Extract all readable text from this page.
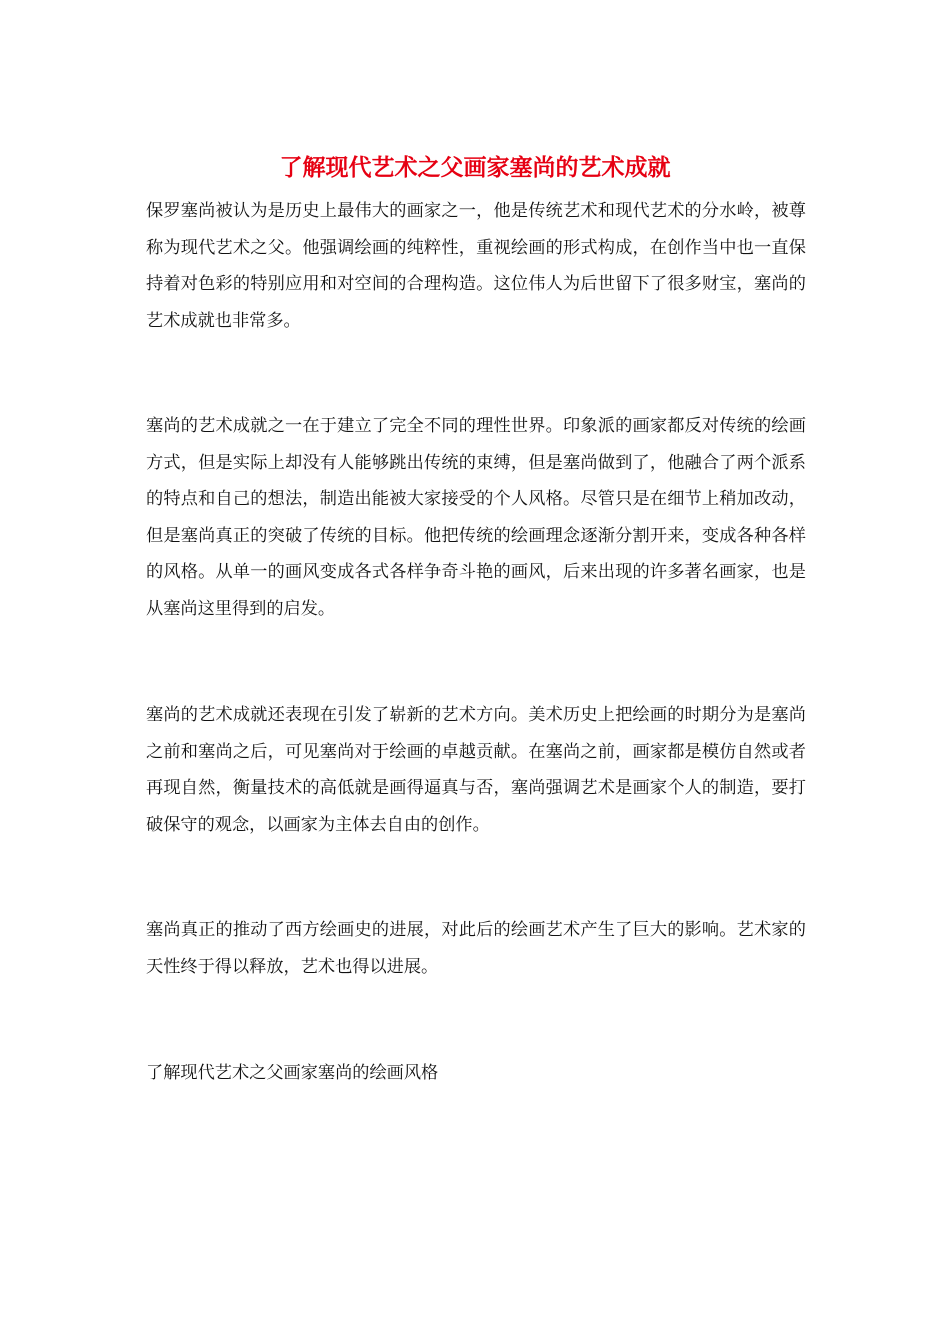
了解现代艺术之父画家塞尚的艺术成就

保罗塞尚被认为是历史上最伟大的画家之一，他是传统艺术和现代艺术的分水岭，被尊称为现代艺术之父。他强调绘画的纯粹性，重视绘画的形式构成，在创作当中也一直保持着对色彩的特别应用和对空间的合理构造。这位伟人为后世留下了很多财宝，塞尚的艺术成就也非常多。

塞尚的艺术成就之一在于建立了完全不同的理性世界。印象派的画家都反对传统的绘画方式，但是实际上却没有人能够跳出传统的束缚，但是塞尚做到了，他融合了两个派系的特点和自己的想法，制造出能被大家接受的个人风格。尽管只是在细节上稍加改动，但是塞尚真正的突破了传统的目标。他把传统的绘画理念逐渐分割开来，变成各种各样的风格。从单一的画风变成各式各样争奇斗艳的画风，后来出现的许多著名画家，也是从塞尚这里得到的启发。

塞尚的艺术成就还表现在引发了崭新的艺术方向。美术历史上把绘画的时期分为是塞尚之前和塞尚之后，可见塞尚对于绘画的卓越贡献。在塞尚之前，画家都是模仿自然或者再现自然，衡量技术的高低就是画得逼真与否，塞尚强调艺术是画家个人的制造，要打破保守的观念，以画家为主体去自由的创作。

塞尚真正的推动了西方绘画史的进展，对此后的绘画艺术产生了巨大的影响。艺术家的天性终于得以释放，艺术也得以进展。

了解现代艺术之父画家塞尚的绘画风格
